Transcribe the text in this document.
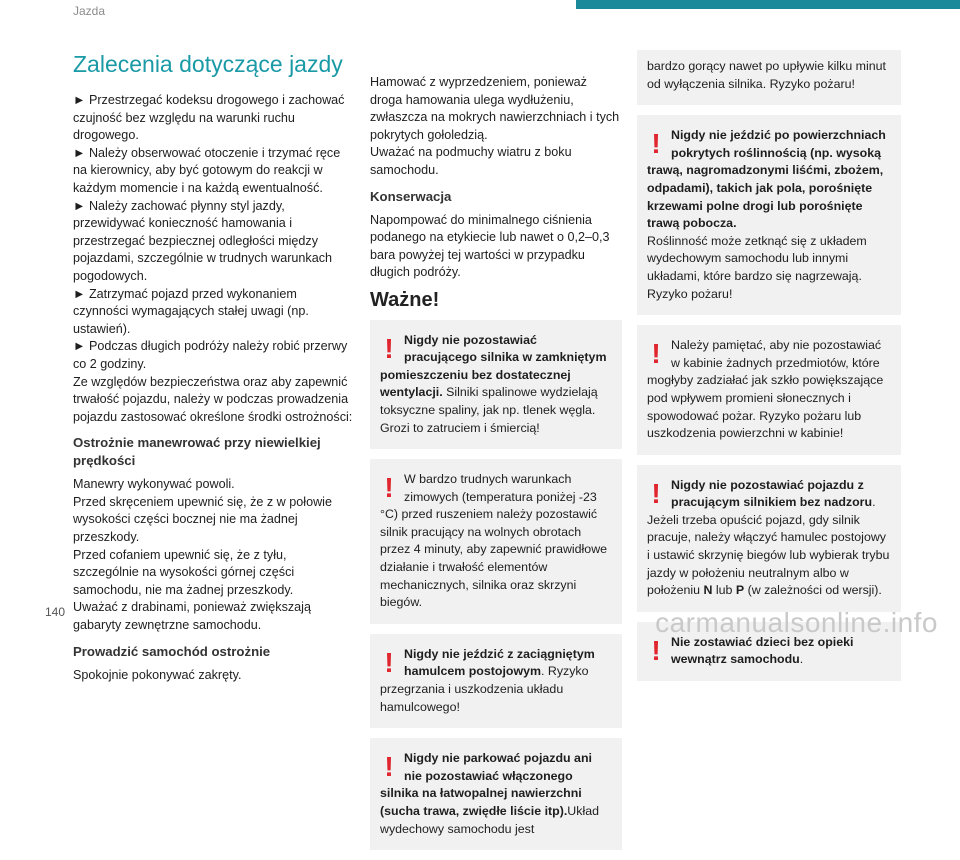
Jazda
Zalecenia dotyczące jazdy

► Przestrzegać kodeksu drogowego i zachować czujność bez względu na warunki ruchu drogowego.

► Należy obserwować otoczenie i trzymać ręce na kierownicy, aby być gotowym do reakcji w każdym momencie i na każdą ewentualność.

► Należy zachować płynny styl jazdy, przewidywać konieczność hamowania i przestrzegać bezpiecznej odległości między pojazdami, szczególnie w trudnych warunkach pogodowych.

► Zatrzymać pojazd przed wykonaniem czynności wymagających stałej uwagi (np. ustawień).

► Podczas długich podróży należy robić przerwy co 2 godziny.

Ze względów bezpieczeństwa oraz aby zapewnić trwałość pojazdu, należy w podczas prowadzenia pojazdu zastosować określone środki ostrożności:

Ostrożnie manewrować przy niewielkiej prędkości

Manewry wykonywać powoli.

Przed skręceniem upewnić się, że z w połowie wysokości części bocznej nie ma żadnej przeszkody.

Przed cofaniem upewnić się, że z tyłu, szczególnie na wysokości górnej części samochodu, nie ma żadnej przeszkody.

Uważać z drabinami, ponieważ zwiększają gabaryty zewnętrzne samochodu.

Prowadzić samochód ostrożnie

Spokojnie pokonywać zakręty.

Hamować z wyprzedzeniem, ponieważ droga hamowania ulega wydłużeniu, zwłaszcza na mokrych nawierzchniach i tych pokrytych gołoledzią.

Uważać na podmuchy wiatru z boku samochodu.

Konserwacja

Napompować do minimalnego ciśnienia podanego na etykiecie lub nawet o 0,2–0,3 bara powyżej tej wartości w przypadku długich podróży.

Ważne!
! Nigdy nie pozostawiać pracującego silnika w zamkniętym pomieszczeniu bez dostatecznej wentylacji. Silniki spalinowe wydzielają toksyczne spaliny, jak np. tlenek węgla. Grozi to zatruciem i śmiercią!
! W bardzo trudnych warunkach zimowych (temperatura poniżej -23 °C) przed ruszeniem należy pozostawić silnik pracujący na wolnych obrotach przez 4 minuty, aby zapewnić prawidłowe działanie i trwałość elementów mechanicznych, silnika oraz skrzyni biegów.
! Nigdy nie jeździć z zaciągniętym hamulcem postojowym. Ryzyko przegrzania i uszkodzenia układu hamulcowego!
! Nigdy nie parkować pojazdu ani nie pozostawiać włączonego silnika na łatwopalnej nawierzchni (sucha trawa, zwiędłe liście itp).Układ wydechowy samochodu jest
bardzo gorący nawet po upływie kilku minut od wyłączenia silnika. Ryzyko pożaru!
! Nigdy nie jeździć po powierzchniach pokrytych roślinnością (np. wysoką trawą, nagromadzonymi liśćmi, zbożem, odpadami), takich jak pola, porośnięte krzewami polne drogi lub porośnięte trawą pobocza.
Roślinność może zetknąć się z układem wydechowym samochodu lub innymi układami, które bardzo się nagrzewają. Ryzyko pożaru!
! Należy pamiętać, aby nie pozostawiać w kabinie żadnych przedmiotów, które mogłyby zadziałać jak szkło powiększające pod wpływem promieni słonecznych i spowodować pożar. Ryzyko pożaru lub uszkodzenia powierzchni w kabinie!
! Nigdy nie pozostawiać pojazdu z pracującym silnikiem bez nadzoru. Jeżeli trzeba opuścić pojazd, gdy silnik pracuje, należy włączyć hamulec postojowy i ustawić skrzynię biegów lub wybierak trybu jazdy w położeniu neutralnym albo w położeniu N lub P (w zależności od wersji).
! Nie zostawiać dzieci bez opieki wewnątrz samochodu.
140	carmanualsonline.info
